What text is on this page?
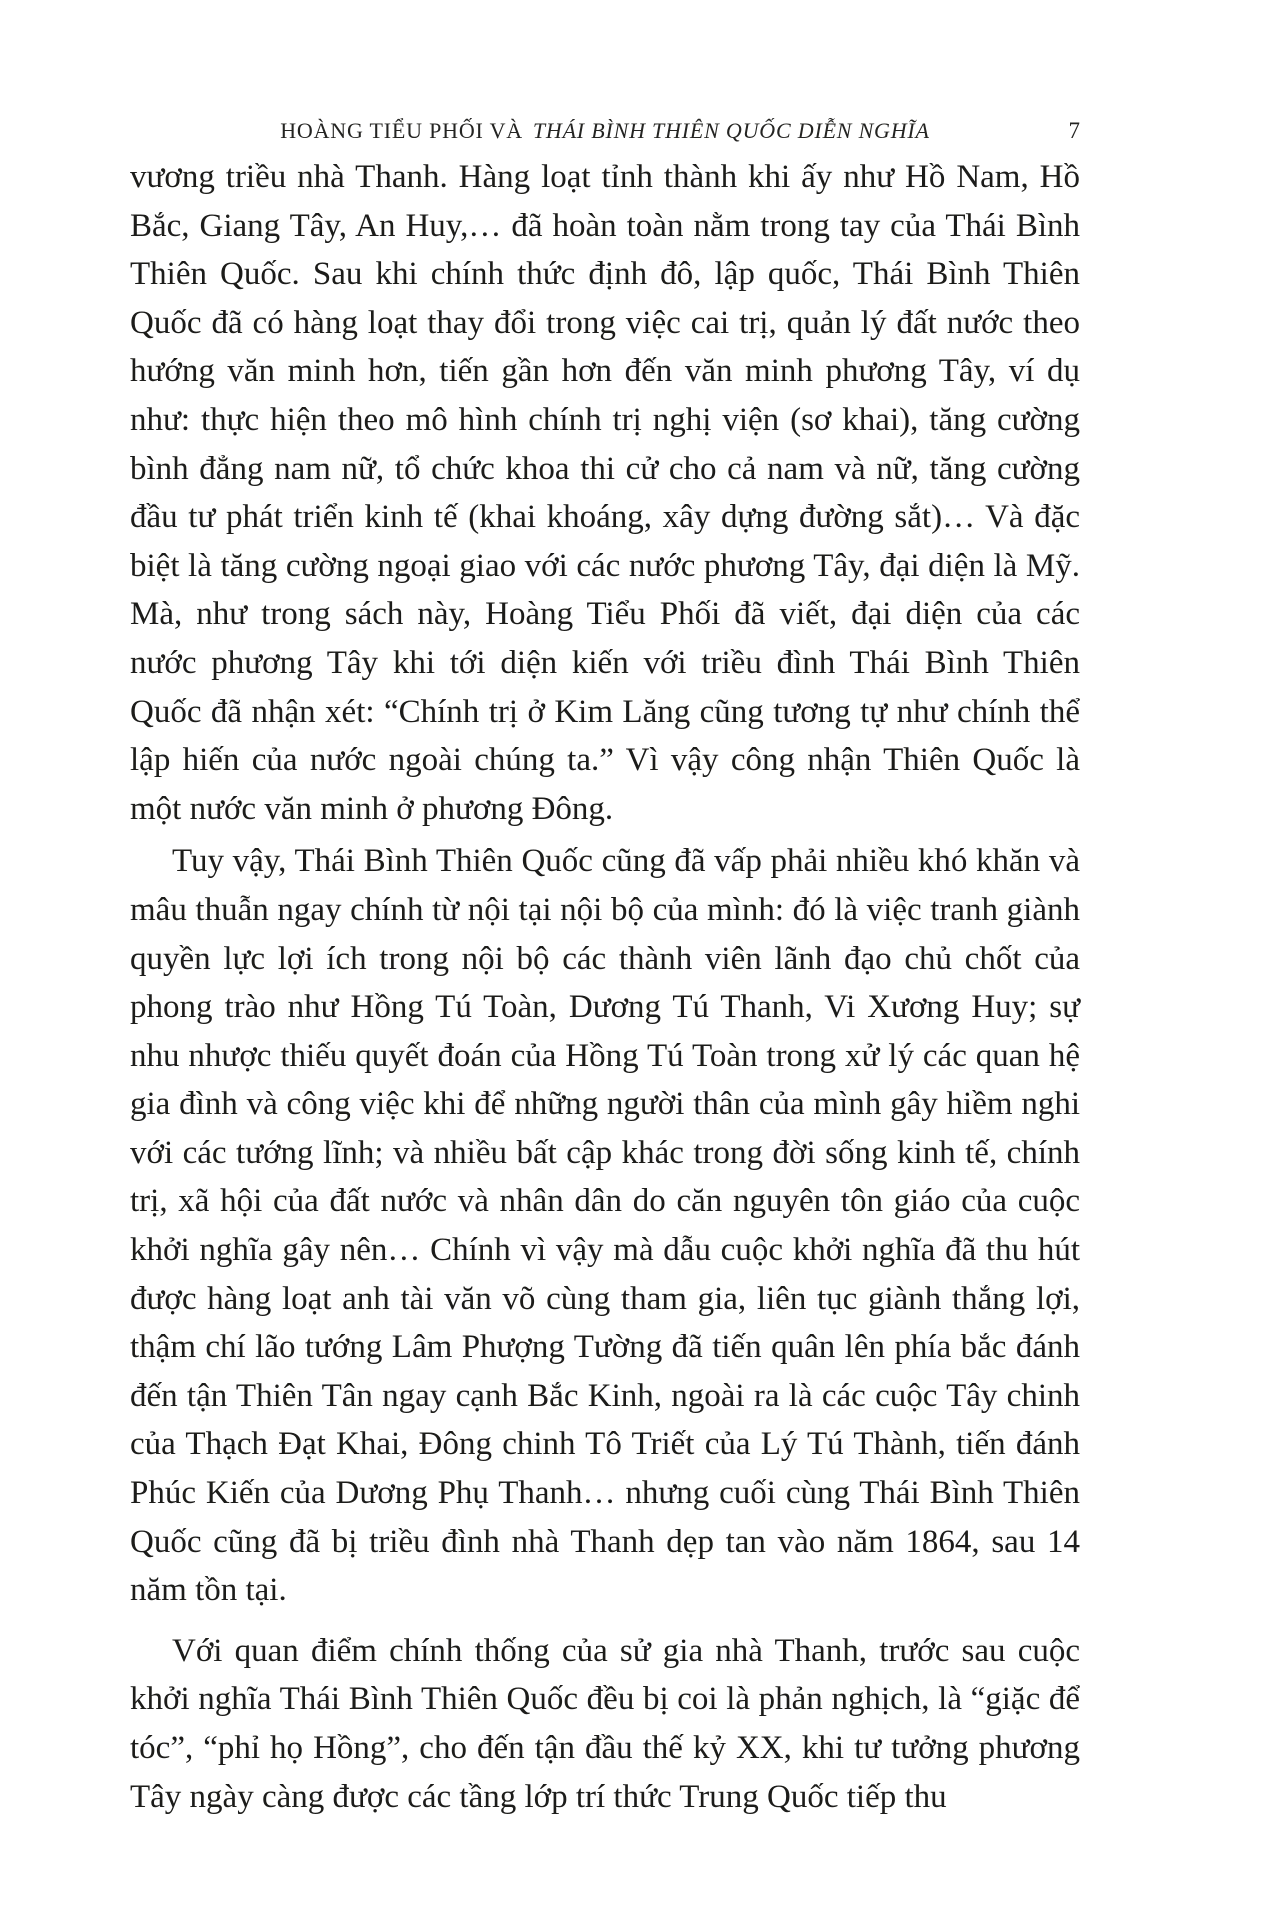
HOÀNG TIỂU PHỐI VÀ THÁI BÌNH THIÊN QUỐC DIỄN NGHĨA	7

vương triều nhà Thanh. Hàng loạt tỉnh thành khi ấy như Hồ Nam, Hồ Bắc, Giang Tây, An Huy,… đã hoàn toàn nằm trong tay của Thái Bình Thiên Quốc. Sau khi chính thức định đô, lập quốc, Thái Bình Thiên Quốc đã có hàng loạt thay đổi trong việc cai trị, quản lý đất nước theo hướng văn minh hơn, tiến gần hơn đến văn minh phương Tây, ví dụ như: thực hiện theo mô hình chính trị nghị viện (sơ khai), tăng cường bình đẳng nam nữ, tổ chức khoa thi cử cho cả nam và nữ, tăng cường đầu tư phát triển kinh tế (khai khoáng, xây dựng đường sắt)… Và đặc biệt là tăng cường ngoại giao với các nước phương Tây, đại diện là Mỹ. Mà, như trong sách này, Hoàng Tiểu Phối đã viết, đại diện của các nước phương Tây khi tới diện kiến với triều đình Thái Bình Thiên Quốc đã nhận xét: “Chính trị ở Kim Lăng cũng tương tự như chính thể lập hiến của nước ngoài chúng ta.” Vì vậy công nhận Thiên Quốc là một nước văn minh ở phương Đông.

Tuy vậy, Thái Bình Thiên Quốc cũng đã vấp phải nhiều khó khăn và mâu thuẫn ngay chính từ nội tại nội bộ của mình: đó là việc tranh giành quyền lực lợi ích trong nội bộ các thành viên lãnh đạo chủ chốt của phong trào như Hồng Tú Toàn, Dương Tú Thanh, Vi Xương Huy; sự nhu nhược thiếu quyết đoán của Hồng Tú Toàn trong xử lý các quan hệ gia đình và công việc khi để những người thân của mình gây hiềm nghi với các tướng lĩnh; và nhiều bất cập khác trong đời sống kinh tế, chính trị, xã hội của đất nước và nhân dân do căn nguyên tôn giáo của cuộc khởi nghĩa gây nên… Chính vì vậy mà dẫu cuộc khởi nghĩa đã thu hút được hàng loạt anh tài văn võ cùng tham gia, liên tục giành thắng lợi, thậm chí lão tướng Lâm Phượng Tường đã tiến quân lên phía bắc đánh đến tận Thiên Tân ngay cạnh Bắc Kinh, ngoài ra là các cuộc Tây chinh của Thạch Đạt Khai, Đông chinh Tô Triết của Lý Tú Thành, tiến đánh Phúc Kiến của Dương Phụ Thanh… nhưng cuối cùng Thái Bình Thiên Quốc cũng đã bị triều đình nhà Thanh dẹp tan vào năm 1864, sau 14 năm tồn tại.

Với quan điểm chính thống của sử gia nhà Thanh, trước sau cuộc khởi nghĩa Thái Bình Thiên Quốc đều bị coi là phản nghịch, là “giặc để tóc”, “phỉ họ Hồng”, cho đến tận đầu thế kỷ XX, khi tư tưởng phương Tây ngày càng được các tầng lớp trí thức Trung Quốc tiếp thu
